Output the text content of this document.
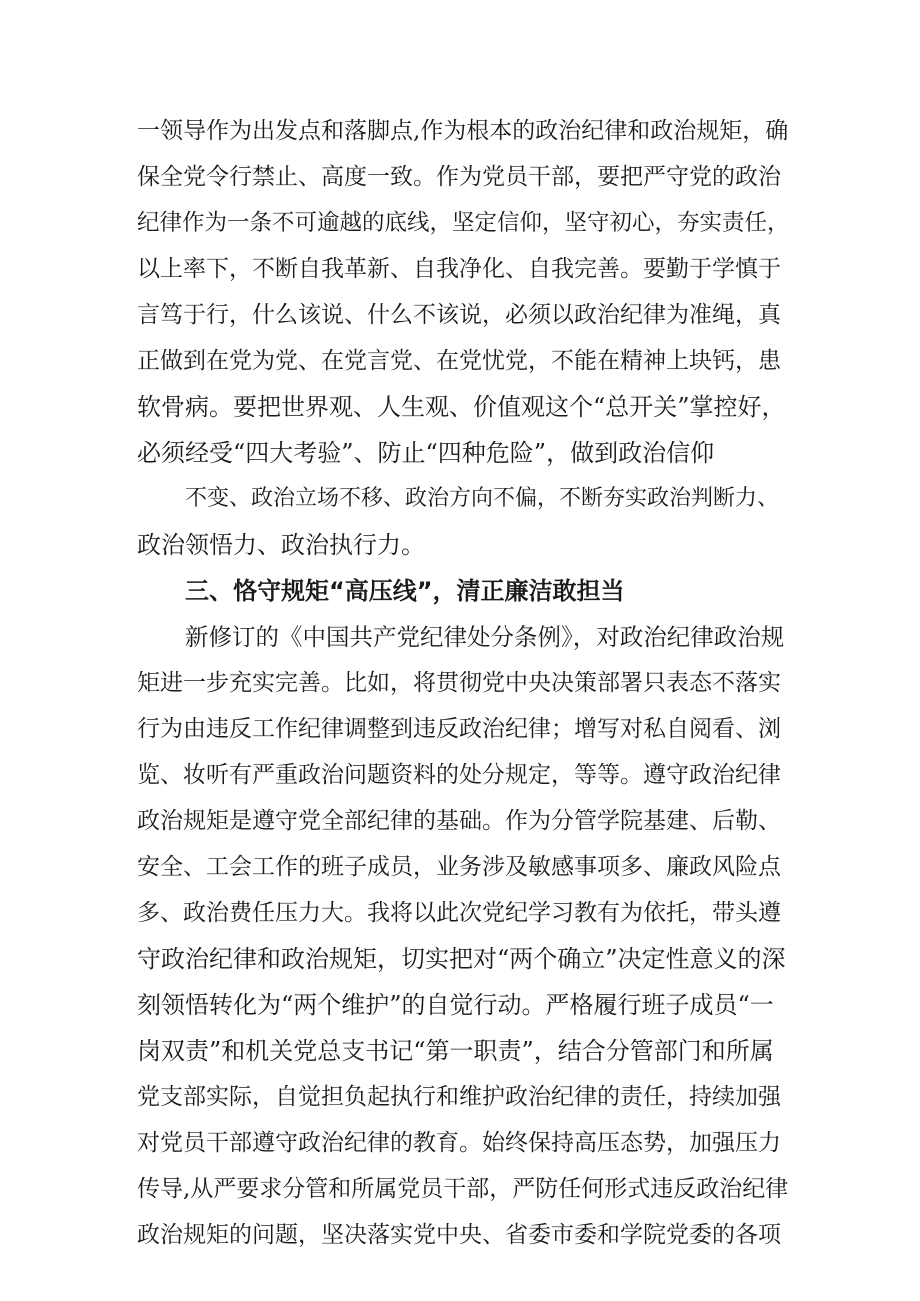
一领导作为出发点和落脚点,作为根本的政治纪律和政治规矩，确
保全党令行禁止、高度一致。作为党员干部，要把严守党的政治
纪律作为一条不可逾越的底线，坚定信仰，坚守初心，夯实责任，
以上率下，不断自我革新、自我净化、自我完善。要勤于学慎于
言笃于行，什么该说、什么不该说，必须以政治纪律为准绳，真
正做到在党为党、在党言党、在党忧党，不能在精神上块钙，患
软骨病。要把世界观、人生观、价值观这个“总开关”掌控好，
必须经受“四大考验”、防止“四种危险”，做到政治信仰
不变、政治立场不移、政治方向不偏，不断夯实政治判断力、
政治领悟力、政治执行力。
三、恪守规矩“高压线”，清正廉洁敢担当
新修订的《中国共产党纪律处分条例》，对政治纪律政治规
矩进一步充实完善。比如，将贯彻党中央决策部署只表态不落实
行为由违反工作纪律调整到违反政治纪律；增写对私自阅看、浏
览、妆听有严重政治问题资料的处分规定，等等。遵守政治纪律
政治规矩是遵守党全部纪律的基础。作为分管学院基建、后勒、
安全、工会工作的班子成员，业务涉及敏感事项多、廉政风险点
多、政治费任压力大。我将以此次党纪学习教有为依托，带头遵
守政治纪律和政治规矩，切实把对“两个确立”决定性意义的深
刻领悟转化为“两个维护”的自觉行动。严格履行班子成员“一
岗双责”和机关党总支书记“第一职责”，结合分管部门和所属
党支部实际，自觉担负起执行和维护政治纪律的责任，持续加强
对党员干部遵守政治纪律的教育。始终保持高压态势，加强压力
传导,从严要求分管和所属党员干部，严防任何形式违反政治纪律
政治规矩的问题，坚决落实党中央、省委市委和学院党委的各项
